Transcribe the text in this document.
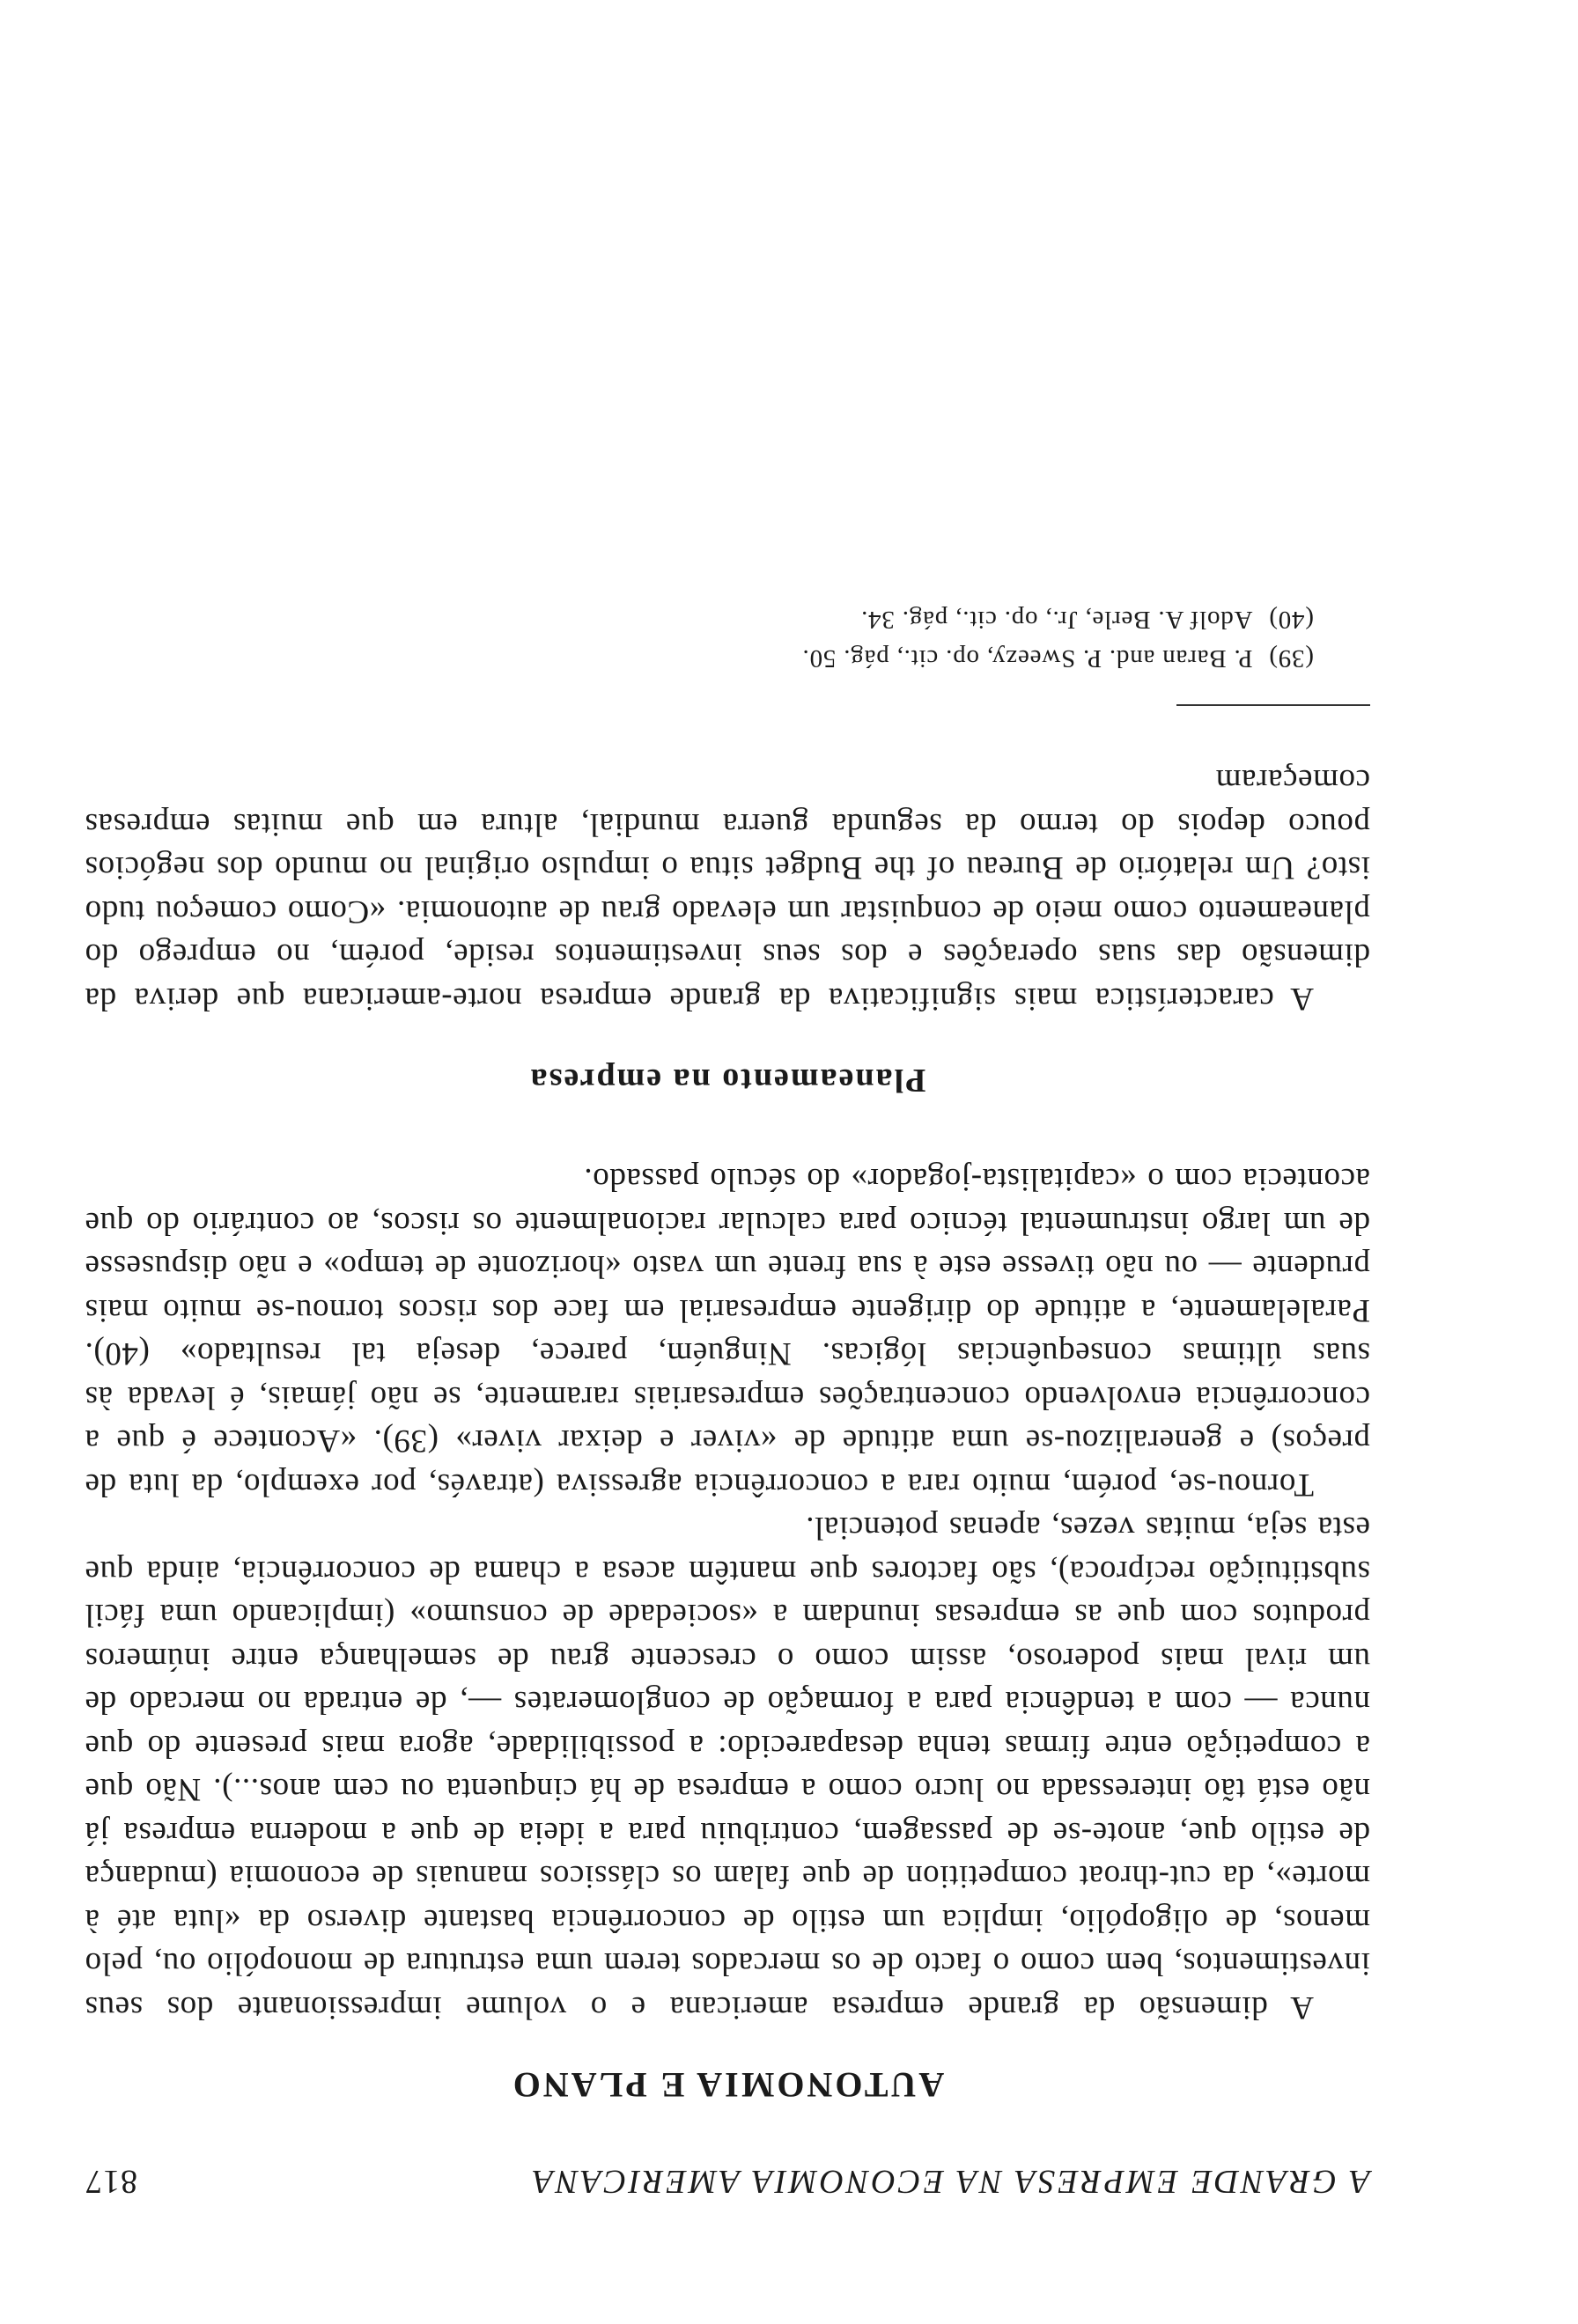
A GRANDE EMPRESA NA ECONOMIA AMERICANA
817
AUTONOMIA E PLANO

A dimensão da grande empresa americana e o volume impressionante dos seus investimentos, bem como o facto de os mercados terem uma estrutura de monopólio ou, pelo menos, de oligopólio, implica um estilo de concorrência bastante diverso da «luta até à morte», da cut-throat competition de que falam os clássicos manuais de economia (mudança de estilo que, anote-se de passagem, contribuiu para a ideia de que a moderna empresa já não está tão interessada no lucro como a empresa de há cinquenta ou cem anos...). Não que a competição entre firmas tenha desaparecido: a possibilidade, agora mais presente do que nunca — com a tendência para a formação de conglomerates —, de entrada no mercado de um rival mais poderoso, assim como o crescente grau de semelhança entre inúmeros produtos com que as empresas inundam a «sociedade de consumo» (implicando uma fácil substituição recíproca), são factores que mantêm acesa a chama de concorrência, ainda que esta seja, muitas vezes, apenas potencial.

Tornou-se, porém, muito rara a concorrência agressiva (através, por exemplo, da luta de preços) e generalizou-se uma atitude de «viver e deixar viver» (39). «Acontece é que a concorrência envolvendo concentrações empresariais raramente, se não jámais, é levada às suas últimas consequências lógicas. Ninguém, parece, deseja tal resultado» (40). Paralelamente, a atitude do dirigente empresarial em face dos riscos tornou-se muito mais prudente — ou não tivesse este à sua frente um vasto «horizonte de tempo» e não dispusesse de um largo instrumental técnico para calcular racionalmente os riscos, ao contrário do que acontecia com o «capitalista-jogador» do século passado.

Planeamento na empresa

A característica mais significativa da grande empresa norte-americana que deriva da dimensão das suas operações e dos seus investimentos reside, porém, no emprego do planeamento como meio de conquistar um elevado grau de autonomia. «Como começou tudo isto? Um relatório de Bureau of the Budget situa o impulso original no mundo dos negócios pouco depois do termo da segunda guerra mundial, altura em que muitas empresas começaram

(39)P. Baran and. P. Sweezy, op. cit., pág. 50.
(40)Adolf A. Berle, Jr., op. cit., pág. 34.
